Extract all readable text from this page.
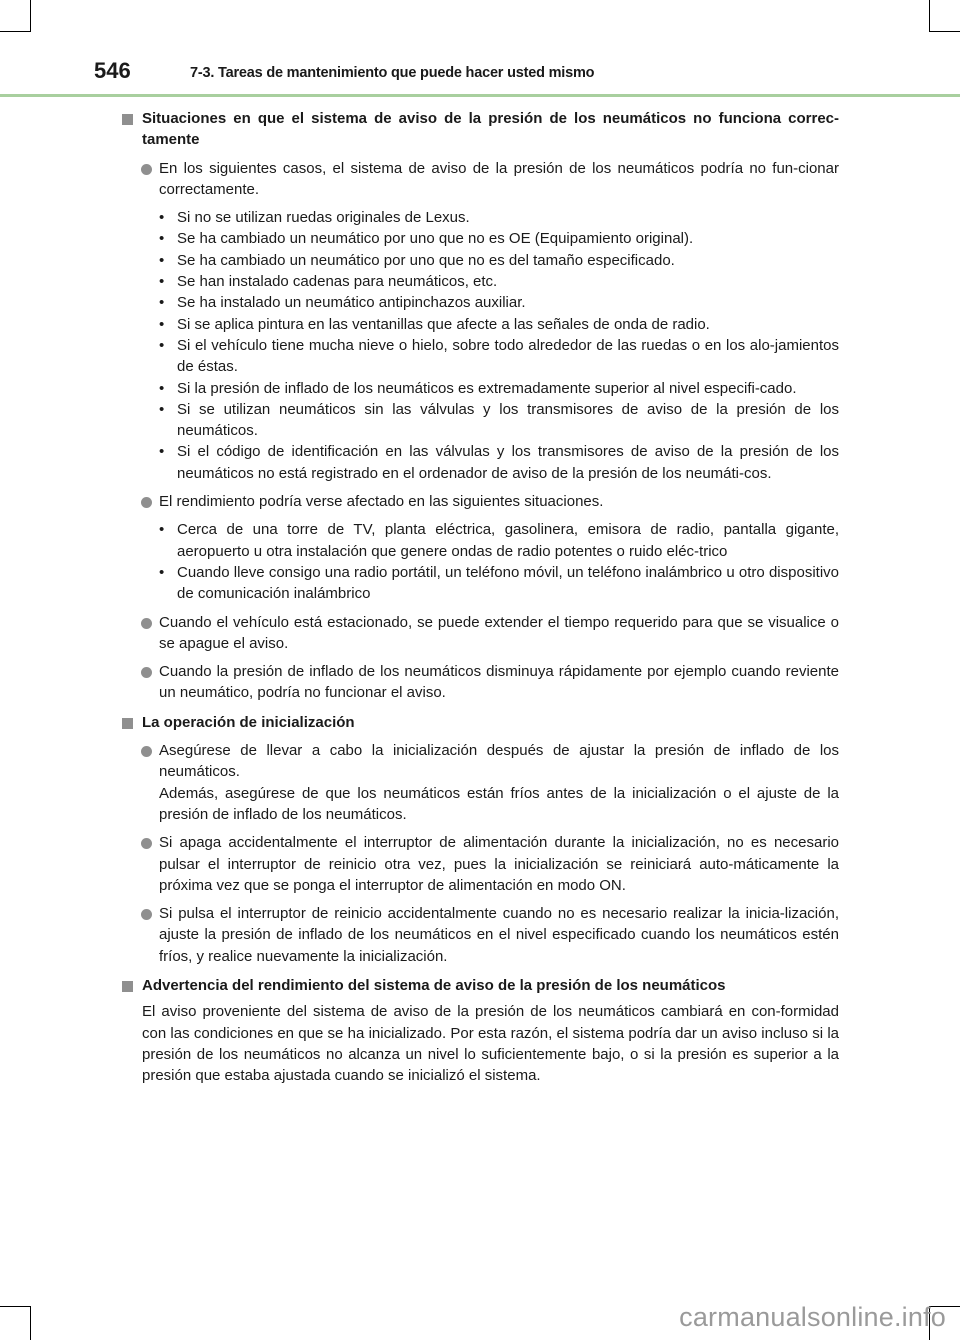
546	7-3. Tareas de mantenimiento que puede hacer usted mismo
Situaciones en que el sistema de aviso de la presión de los neumáticos no funciona correc-tamente
En los siguientes casos, el sistema de aviso de la presión de los neumáticos podría no fun-cionar correctamente.
• Si no se utilizan ruedas originales de Lexus.
• Se ha cambiado un neumático por uno que no es OE (Equipamiento original).
• Se ha cambiado un neumático por uno que no es del tamaño especificado.
• Se han instalado cadenas para neumáticos, etc.
• Se ha instalado un neumático antipinchazos auxiliar.
• Si se aplica pintura en las ventanillas que afecte a las señales de onda de radio.
• Si el vehículo tiene mucha nieve o hielo, sobre todo alrededor de las ruedas o en los alo-jamientos de éstas.
• Si la presión de inflado de los neumáticos es extremadamente superior al nivel especifi-cado.
• Si se utilizan neumáticos sin las válvulas y los transmisores de aviso de la presión de los neumáticos.
• Si el código de identificación en las válvulas y los transmisores de aviso de la presión de los neumáticos no está registrado en el ordenador de aviso de la presión de los neumáti-cos.
El rendimiento podría verse afectado en las siguientes situaciones.
• Cerca de una torre de TV, planta eléctrica, gasolinera, emisora de radio, pantalla gigante, aeropuerto u otra instalación que genere ondas de radio potentes o ruido eléc-trico
• Cuando lleve consigo una radio portátil, un teléfono móvil, un teléfono inalámbrico u otro dispositivo de comunicación inalámbrico
Cuando el vehículo está estacionado, se puede extender el tiempo requerido para que se visualice o se apague el aviso.
Cuando la presión de inflado de los neumáticos disminuya rápidamente por ejemplo cuando reviente un neumático, podría no funcionar el aviso.
La operación de inicialización
Asegúrese de llevar a cabo la inicialización después de ajustar la presión de inflado de los neumáticos.
Además, asegúrese de que los neumáticos están fríos antes de la inicialización o el ajuste de la presión de inflado de los neumáticos.
Si apaga accidentalmente el interruptor de alimentación durante la inicialización, no es necesario pulsar el interruptor de reinicio otra vez, pues la inicialización se reiniciará auto-máticamente la próxima vez que se ponga el interruptor de alimentación en modo ON.
Si pulsa el interruptor de reinicio accidentalmente cuando no es necesario realizar la inicia-lización, ajuste la presión de inflado de los neumáticos en el nivel especificado cuando los neumáticos estén fríos, y realice nuevamente la inicialización.
Advertencia del rendimiento del sistema de aviso de la presión de los neumáticos
El aviso proveniente del sistema de aviso de la presión de los neumáticos cambiará en con-formidad con las condiciones en que se ha inicializado. Por esta razón, el sistema podría dar un aviso incluso si la presión de los neumáticos no alcanza un nivel lo suficientemente bajo, o si la presión es superior a la presión que estaba ajustada cuando se inicializó el sistema.
carmanualsonline.info
